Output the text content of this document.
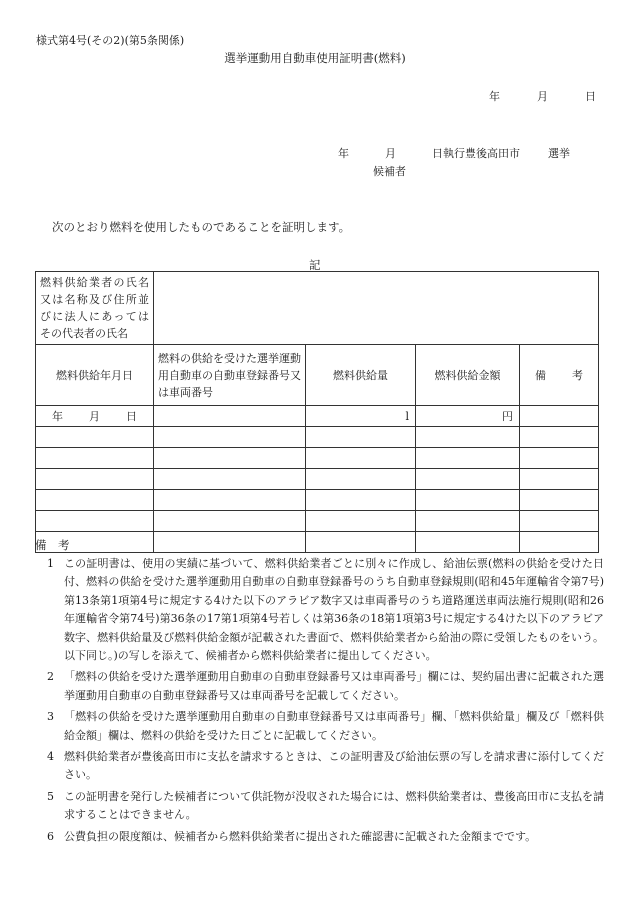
様式第4号(その2)(第5条関係)
選挙運動用自動車使用証明書(燃料)
年	月	日
年	月	日執行豊後高田市	選挙
候補者
次のとおり燃料を使用したものであることを証明します。
記
燃料供給業者の氏名又は名称及び住所並びに法人にあってはその代表者の氏名				
燃料供給年月日	燃料の供給を受けた選挙運動用自動車の自動車登録番号又は車両番号	燃料供給量	燃料供給金額	備 考
年 月 日		l	円	

備　考
1 この証明書は、使用の実績に基づいて、燃料供給業者ごとに別々に作成し、給油伝票(燃料の供給を受けた日付、燃料の供給を受けた選挙運動用自動車の自動車登録番号のうち自動車登録規則(昭和45年運輸省令第7号)第13条第1項第4号に規定する4けた以下のアラビア数字又は車両番号のうち道路運送車両法施行規則(昭和26年運輸省令第74号)第36条の17第1項第4号若しくは第36条の18第1項第3号に規定する4けた以下のアラビア数字、燃料供給量及び燃料供給金額が記載された書面で、燃料供給業者から給油の際に受領したものをいう。以下同じ。)の写しを添えて、候補者から燃料供給業者に提出してください。
2 「燃料の供給を受けた選挙運動用自動車の自動車登録番号又は車両番号」欄には、契約届出書に記載された選挙運動用自動車の自動車登録番号又は車両番号を記載してください。
3 「燃料の供給を受けた選挙運動用自動車の自動車登録番号又は車両番号」欄、「燃料供給量」欄及び「燃料供給金額」欄は、燃料の供給を受けた日ごとに記載してください。
4 燃料供給業者が豊後高田市に支払を請求するときは、この証明書及び給油伝票の写しを請求書に添付してください。
5 この証明書を発行した候補者について供託物が没収された場合には、燃料供給業者は、豊後高田市に支払を請求することはできません。
6 公費負担の限度額は、候補者から燃料供給業者に提出された確認書に記載された金額までです。
